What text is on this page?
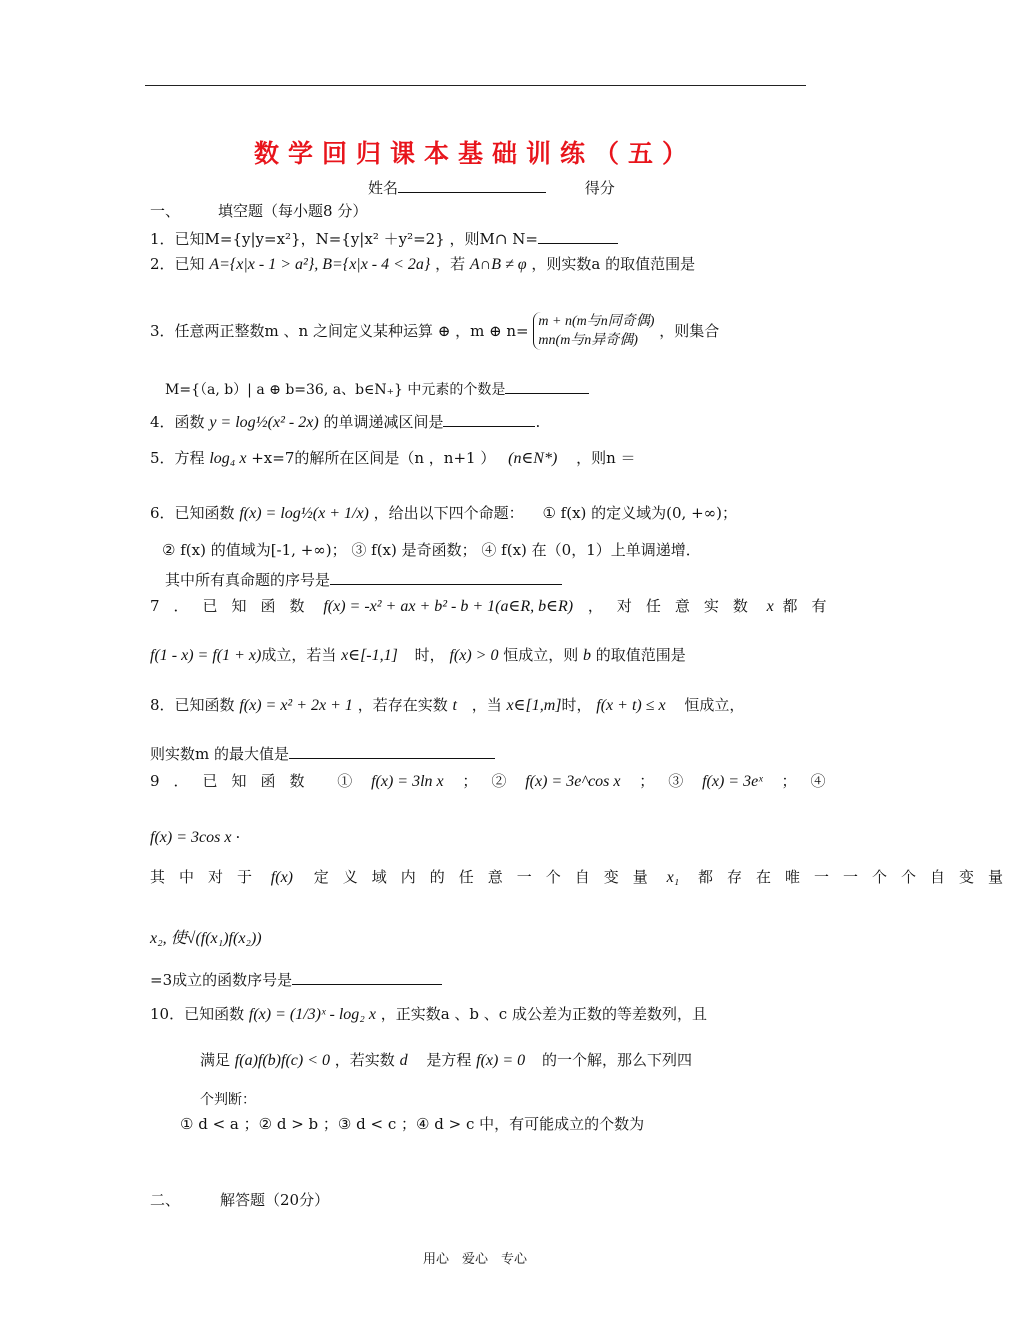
数学回归课本基础训练（五）
姓名	得分
一、	填空题（每小题8 分）
1．已知M={y|y=x²}，N={y|x² ＋y²=2} ，则M∩ N=
2．已知 A={x|x - 1 > a²}, B={x|x - 4 < 2a} ，若 A∩B ≠ φ ，则实数a 的取值范围是
3．任意两正整数m 、n 之间定义某种运算 ⊕ ，m ⊕ n=
m + n(m与n同奇偶)
mn(m与n异奇偶)
，则集合
M={（a, b）| a ⊕ b=36, a、b∈N₊} 中元素的个数是
4．函数 y = log½(x² - 2x) 的单调递减区间是	.
5．方程 log₄ x +x=7的解所在区间是（n ，n+1 ） (n∈N*) ，则n ＝
6．已知函数 f(x) = log½(x + 1/x) ，给出以下四个命题： ① f(x) 的定义域为(0, +∞)；
② f(x) 的值域为[-1, +∞)； ③ f(x) 是奇函数； ④ f(x) 在（0，1）上单调递增．
其中所有真命题的序号是
7．已知函数 f(x) = -x² + ax + b² - b + 1(a∈R, b∈R) ，对任意实数 x 都有
f(1 - x) = f(1 + x)成立，若当 x∈[-1,1] 时， f(x) > 0 恒成立，则 b 的取值范围是
8．已知函数 f(x) = x² + 2x + 1 ，若存在实数 t ，当 x∈[1,m]时， f(x + t) ≤ x 恒成立，
则实数m 的最大值是
9．已知函数 ① f(x) = 3ln x ；② f(x) = 3e^cos x ；③ f(x) = 3eˣ ；④
f(x) = 3cos x ·
其中对于 f(x) 定义域内的任意一个自变量 x₁ 都存在唯一一个个自变量
x₂, 使√(f(x₁)f(x₂))
=3成立的函数序号是
10．已知函数 f(x) = (1/3)ˣ - log₂ x ，正实数a 、b 、c 成公差为正数的等差数列，且
满足 f(a)f(b)f(c) < 0 ，若实数 d 是方程 f(x) = 0 的一个解，那么下列四
个判断：
① d < a ；② d > b ；③ d < c ；④ d > c 中，有可能成立的个数为
二、	解答题（20分）
用心　爱心　专心
